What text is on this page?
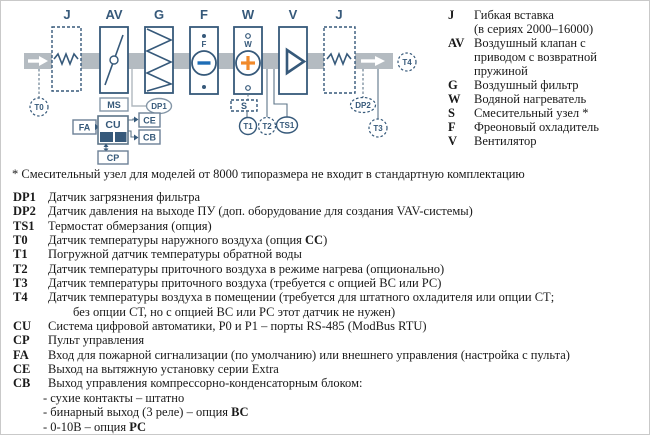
J	AV G	F	W	V	J
MS	DP1
F	W
S
T1 T2 TS1
T0
T4
DP2
T3
FA CU
P0 P1
CE
CB
CP
J	Гибкая вставка
(в сериях 2000–16000)
AV Воздушный клапан с
приводом с возвратной
пружиной
G	Воздушный фильтр
W	Водяной нагреватель
S	Смесительный узел *
F	Фреоновый охладитель
V	Вентилятор
* Смесительный узел для моделей от 8000 типоразмера не входит в стандартную комплектацию
DP1 Датчик загрязнения фильтра
DP2 Датчик давления на выходе ПУ (доп. оборудование для создания VAV-системы)
TS1	Термостат обмерзания (опция)
T0	Датчик температуры наружного воздуха (опция СС)
T1	Погружной датчик температуры обратной воды
T2	Датчик температуры приточного воздуха в режиме нагрева (опционально)
T3	Датчик температуры приточного воздуха (требуется с опцией ВС или РС)
T4	Датчик температуры воздуха в помещении (требуется для штатного охладителя или опции СТ;
без опции СТ, но с опцией ВС или РС этот датчик не нужен)
CU	Система цифровой автоматики, P0 и P1 – порты RS-485 (ModBus RTU)
CP	Пульт управления
FA	Вход для пожарной сигнализации (по умолчанию) или внешнего управления (настройка с пульта)
CE	Выход на вытяжную установку серии Extra
CB	Выход управления компрессорно-конденсаторным блоком:
- сухие контакты – штатно
- бинарный выход (3 реле) – опция ВС
- 0-10В – опция РС
